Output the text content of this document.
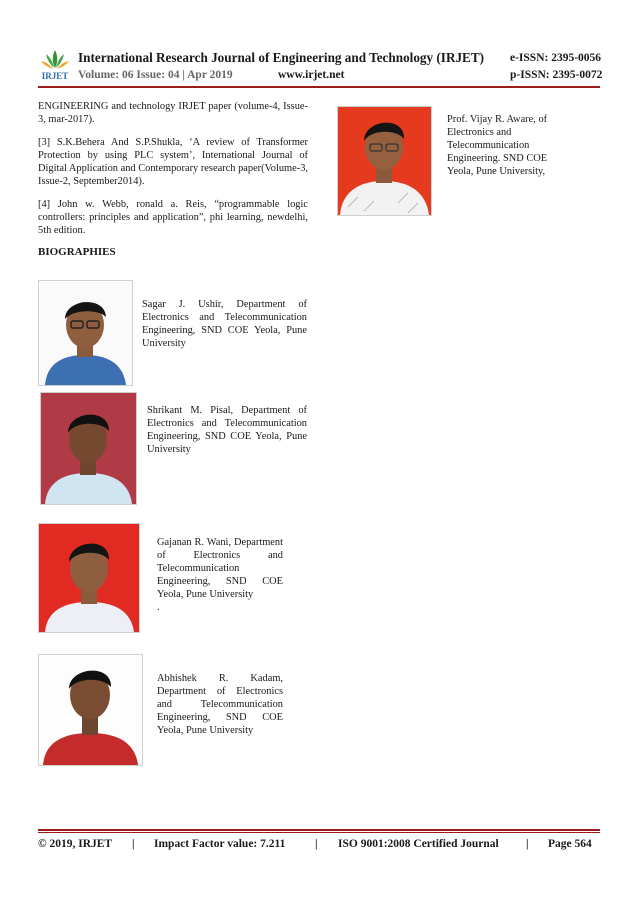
IRJET
International Research Journal of Engineering and Technology (IRJET) e-ISSN: 2395-0056
Volume: 06 Issue: 04 | Apr 2019	www.irjet.net	p-ISSN: 2395-0072

ENGINEERING and technology IRJET paper (volume-4, Issue-3, mar-2017).

[3] S.K.Behera And S.P.Shukla, ‘A review of Transformer Protection by using PLC system’, International Journal of Digital Application and Contemporary research paper(Volume-3, Issue-2, September2014).

[4] John w. Webb, ronald a. Reis, “programmable logic controllers: principles and application”, phi learning, newdelhi, 5th edition.

BIOGRAPHIES
Sagar J. Ushir, Department of Electronics and Telecommunication Engineering, SND COE Yeola, Pune University
Shrikant M. Pisal, Department of Electronics and Telecommunication Engineering, SND COE Yeola, Pune University
Gajanan R. Wani, Department of Electronics and Telecommunication Engineering, SND COE Yeola, Pune University
.
Abhishek R. Kadam, Department of Electronics and Telecommunication Engineering, SND COE Yeola, Pune University
Prof. Vijay R. Aware, of Electronics and Telecommunication Engineering. SND COE Yeola, Pune University,
© 2019, IRJET | Impact Factor value: 7.211	| ISO 9001:2008 Certified Journal | Page 564
